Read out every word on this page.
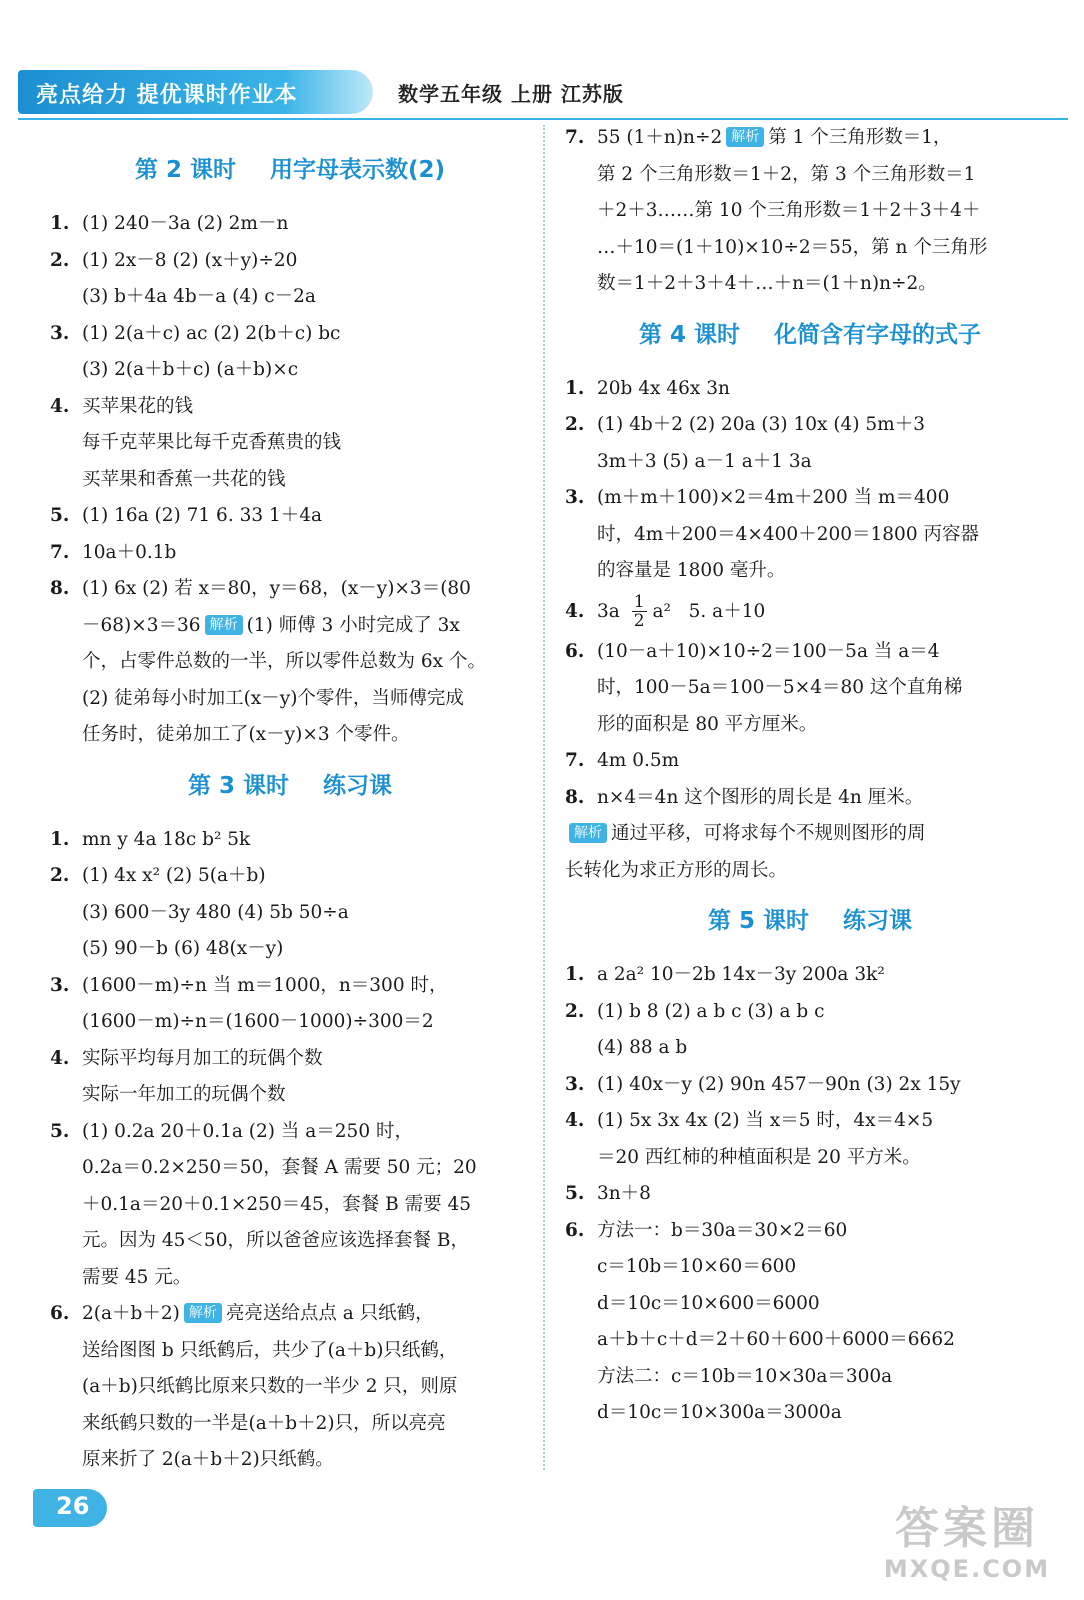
亮点给力 提优课时作业本	数学五年级 上册 江苏版
第 2 课时 用字母表示数(2)
1. (1) 240－3a (2) 2m－n
2. (1) 2x－8 (2) (x＋y)÷20
(3) b＋4a 4b－a (4) c－2a
3. (1) 2(a＋c) ac (2) 2(b＋c) bc
(3) 2(a＋b＋c) (a＋b)×c
4. 买苹果花的钱
每千克苹果比每千克香蕉贵的钱
买苹果和香蕉一共花的钱
5. (1) 16a (2) 71 6. 33 1＋4a
7. 10a＋0.1b
8. (1) 6x (2) 若 x＝80，y＝68，(x－y)×3＝(80
－68)×3＝36 解析 (1) 师傅 3 小时完成了 3x
个，占零件总数的一半，所以零件总数为 6x 个。
(2) 徒弟每小时加工(x－y)个零件，当师傅完成
任务时，徒弟加工了(x－y)×3 个零件。
第 3 课时 练习课
1. mn y 4a 18c b² 5k
2. (1) 4x x² (2) 5(a＋b)
(3) 600－3y 480 (4) 5b 50÷a
(5) 90－b (6) 48(x－y)
3. (1600－m)÷n 当 m＝1000，n＝300 时，
(1600－m)÷n＝(1600－1000)÷300＝2
4. 实际平均每月加工的玩偶个数
实际一年加工的玩偶个数
5. (1) 0.2a 20＋0.1a (2) 当 a＝250 时，
0.2a＝0.2×250＝50，套餐 A 需要 50 元；20
＋0.1a＝20＋0.1×250＝45，套餐 B 需要 45
元。因为 45＜50，所以爸爸应该选择套餐 B，
需要 45 元。
6. 2(a＋b＋2) 解析 亮亮送给点点 a 只纸鹤，
送给图图 b 只纸鹤后，共少了(a＋b)只纸鹤，
(a＋b)只纸鹤比原来只数的一半少 2 只，则原
来纸鹤只数的一半是(a＋b＋2)只，所以亮亮
原来折了 2(a＋b＋2)只纸鹤。
7. 55 (1＋n)n÷2 解析 第 1 个三角形数＝1，
第 2 个三角形数＝1＋2，第 3 个三角形数＝1
＋2＋3……第 10 个三角形数＝1＋2＋3＋4＋
…＋10＝(1＋10)×10÷2＝55，第 n 个三角形
数＝1＋2＋3＋4＋…＋n＝(1＋n)n÷2。
第 4 课时 化简含有字母的式子
1. 20b 4x 46x 3n
2. (1) 4b＋2 (2) 20a (3) 10x (4) 5m＋3
3m＋3 (5) a－1 a＋1 3a
3. (m＋m＋100)×2＝4m＋200 当 m＝400
时，4m＋200＝4×400＋200＝1800 丙容器
的容量是 1800 毫升。
4. $3a \frac{1}{2} a^2$ 5. a＋10
6. (10－a＋10)×10÷2＝100－5a 当 a＝4
时，100－5a＝100－5×4＝80 这个直角梯
形的面积是 80 平方厘米。
7. 4m 0.5m
8. n×4＝4n 这个图形的周长是 4n 厘米。
解析 通过平移，可将求每个不规则图形的周
长转化为求正方形的周长。
第 5 课时 练习课
1. a 2a² 10－2b 14x－3y 200a 3k²
2. (1) b 8 (2) a b c (3) a b c
(4) 88 a b
3. (1) 40x－y (2) 90n 457－90n (3) 2x 15y
4. (1) 5x 3x 4x (2) 当 x＝5 时，4x＝4×5
＝20 西红柿的种植面积是 20 平方米。
5. 3n＋8
6. 方法一：b＝30a＝30×2＝60
c＝10b＝10×60＝600
d＝10c＝10×600＝6000
a＋b＋c＋d＝2＋60＋600＋6000＝6662
方法二：c＝10b＝10×30a＝300a
d＝10c＝10×300a＝3000a
26	答案圈
MXQE.COM
